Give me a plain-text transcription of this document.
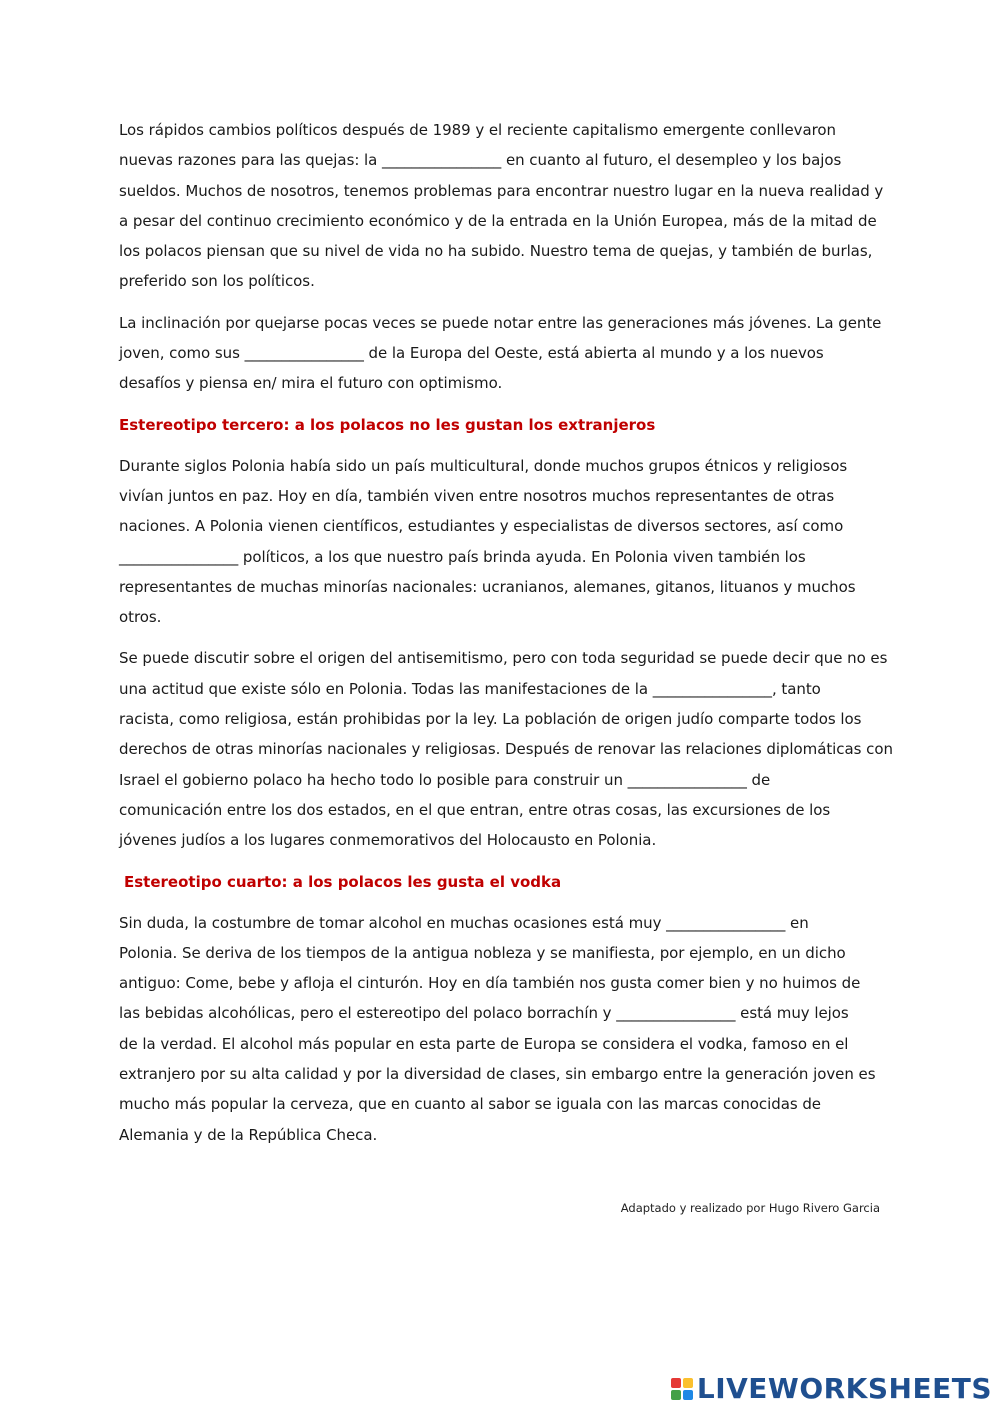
Los rápidos cambios políticos después de 1989 y el reciente capitalismo emergente conllevaron
nuevas razones para las quejas: la ________________ en cuanto al futuro, el desempleo y los bajos
sueldos. Muchos de nosotros, tenemos problemas para encontrar nuestro lugar en la nueva realidad y
a pesar del continuo crecimiento económico y de la entrada en la Unión Europea, más de la mitad de
los polacos piensan que su nivel de vida no ha subido. Nuestro tema de quejas, y también de burlas,
preferido son los políticos.

La inclinación por quejarse pocas veces se puede notar entre las generaciones más jóvenes. La gente
joven, como sus ________________ de la Europa del Oeste, está abierta al mundo y a los nuevos
desafíos y piensa en/ mira el futuro con optimismo.

Estereotipo tercero: a los polacos no les gustan los extranjeros

Durante siglos Polonia había sido un país multicultural, donde muchos grupos étnicos y religiosos
vivían juntos en paz. Hoy en día, también viven entre nosotros muchos representantes de otras
naciones. A Polonia vienen científicos, estudiantes y especialistas de diversos sectores, así como
________________ políticos, a los que nuestro país brinda ayuda. En Polonia viven también los
representantes de muchas minorías nacionales: ucranianos, alemanes, gitanos, lituanos y muchos
otros.

Se puede discutir sobre el origen del antisemitismo, pero con toda seguridad se puede decir que no es
una actitud que existe sólo en Polonia. Todas las manifestaciones de la ________________, tanto
racista, como religiosa, están prohibidas por la ley. La población de origen judío comparte todos los
derechos de otras minorías nacionales y religiosas. Después de renovar las relaciones diplomáticas con
Israel el gobierno polaco ha hecho todo lo posible para construir un ________________ de
comunicación entre los dos estados, en el que entran, entre otras cosas, las excursiones de los
jóvenes judíos a los lugares conmemorativos del Holocausto en Polonia.

Estereotipo cuarto: a los polacos les gusta el vodka

Sin duda, la costumbre de tomar alcohol en muchas ocasiones está muy ________________ en
Polonia. Se deriva de los tiempos de la antigua nobleza y se manifiesta, por ejemplo, en un dicho
antiguo: Come, bebe y afloja el cinturón. Hoy en día también nos gusta comer bien y no huimos de
las bebidas alcohólicas, pero el estereotipo del polaco borrachín y ________________ está muy lejos
de la verdad. El alcohol más popular en esta parte de Europa se considera el vodka, famoso en el
extranjero por su alta calidad y por la diversidad de clases, sin embargo entre la generación joven es
mucho más popular la cerveza, que en cuanto al sabor se iguala con las marcas conocidas de
Alemania y de la República Checa.

Adaptado y realizado por Hugo Rivero Garcia
LIVEWORKSHEETS
